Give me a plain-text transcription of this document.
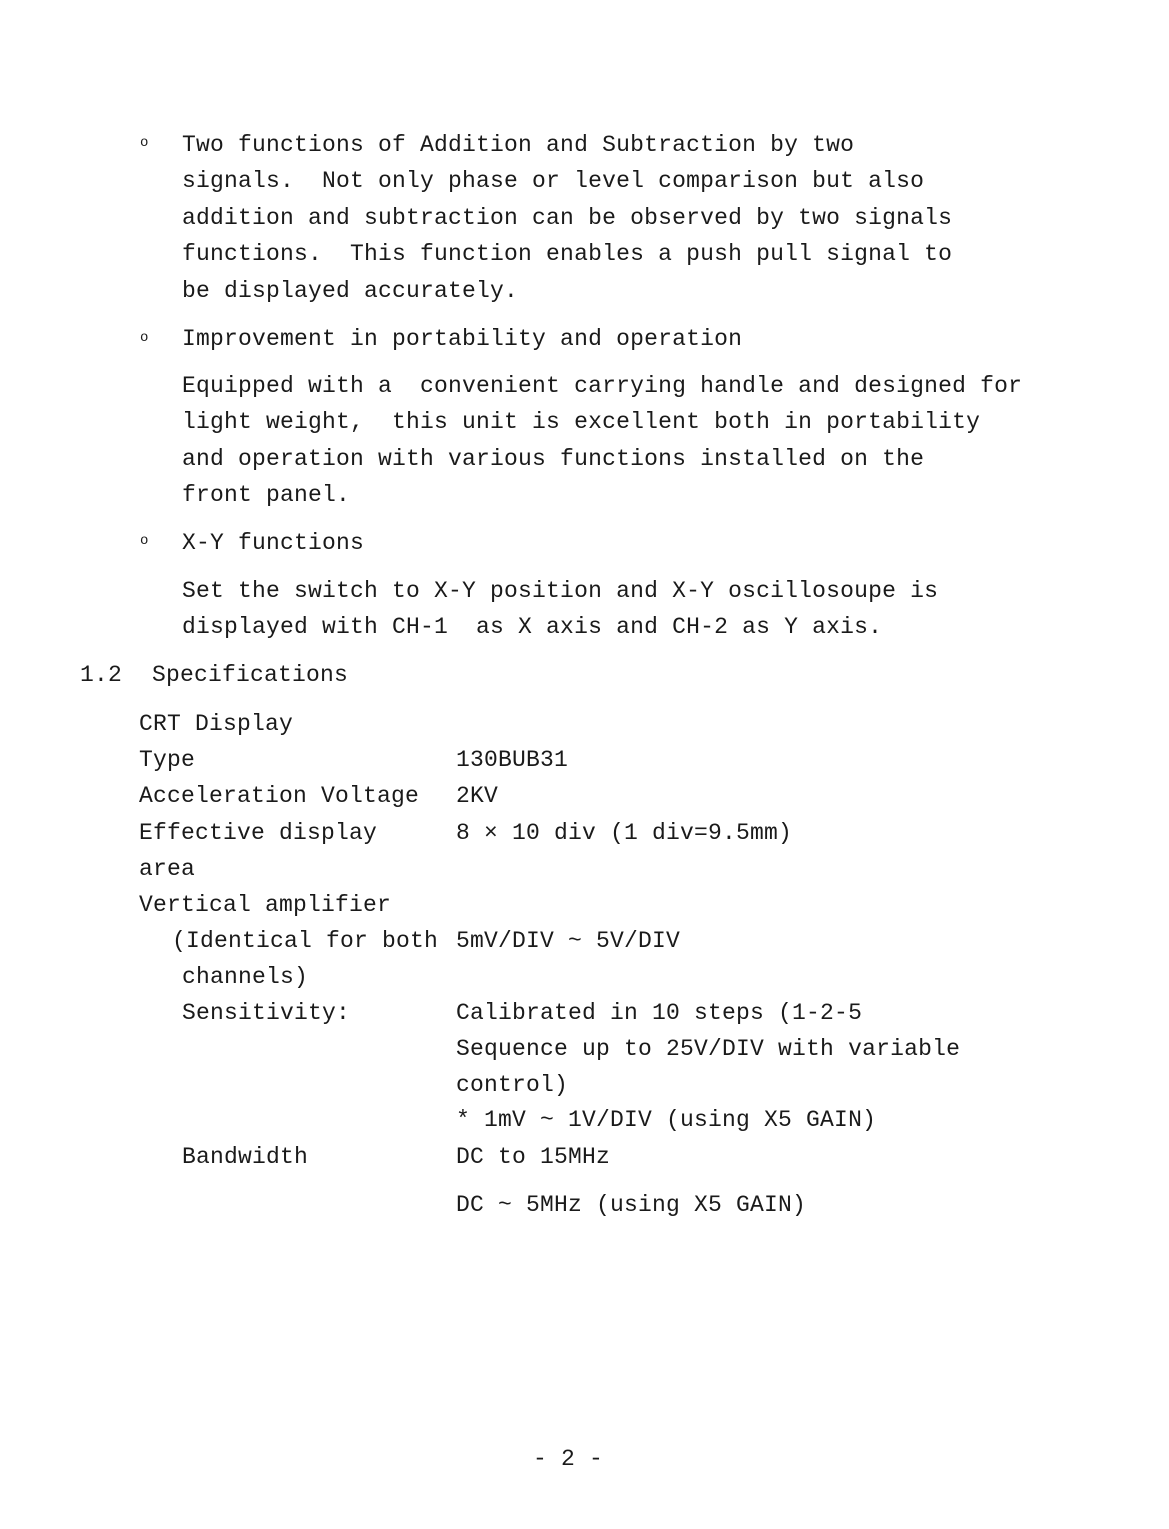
o Two functions of Addition and Subtraction by two
signals.  Not only phase or level comparison but also
addition and subtraction can be observed by two signals
functions.  This function enables a push pull signal to
be displayed accurately.
o Improvement in portability and operation
Equipped with a  convenient carrying handle and designed for
light weight,  this unit is excellent both in portability
and operation with various functions installed on the
front panel.
o X-Y functions
Set the switch to X-Y position and X-Y oscillosoupe is
displayed with CH-1  as X axis and CH-2 as Y axis.
1.2 Specifications
CRT Display
Type	130BUB31
Acceleration Voltage 2KV
Effective display	8 × 10 div (1 div=9.5mm)
area
Vertical amplifier
(Identical for both 5mV/DIV ~ 5V/DIV
channels)
Sensitivity:	Calibrated in 10 steps (1-2-5
Sequence up to 25V/DIV with variable
control)
* 1mV ~ 1V/DIV (using X5 GAIN)
Bandwidth	DC to 15MHz
DC ~ 5MHz (using X5 GAIN)
- 2 -
